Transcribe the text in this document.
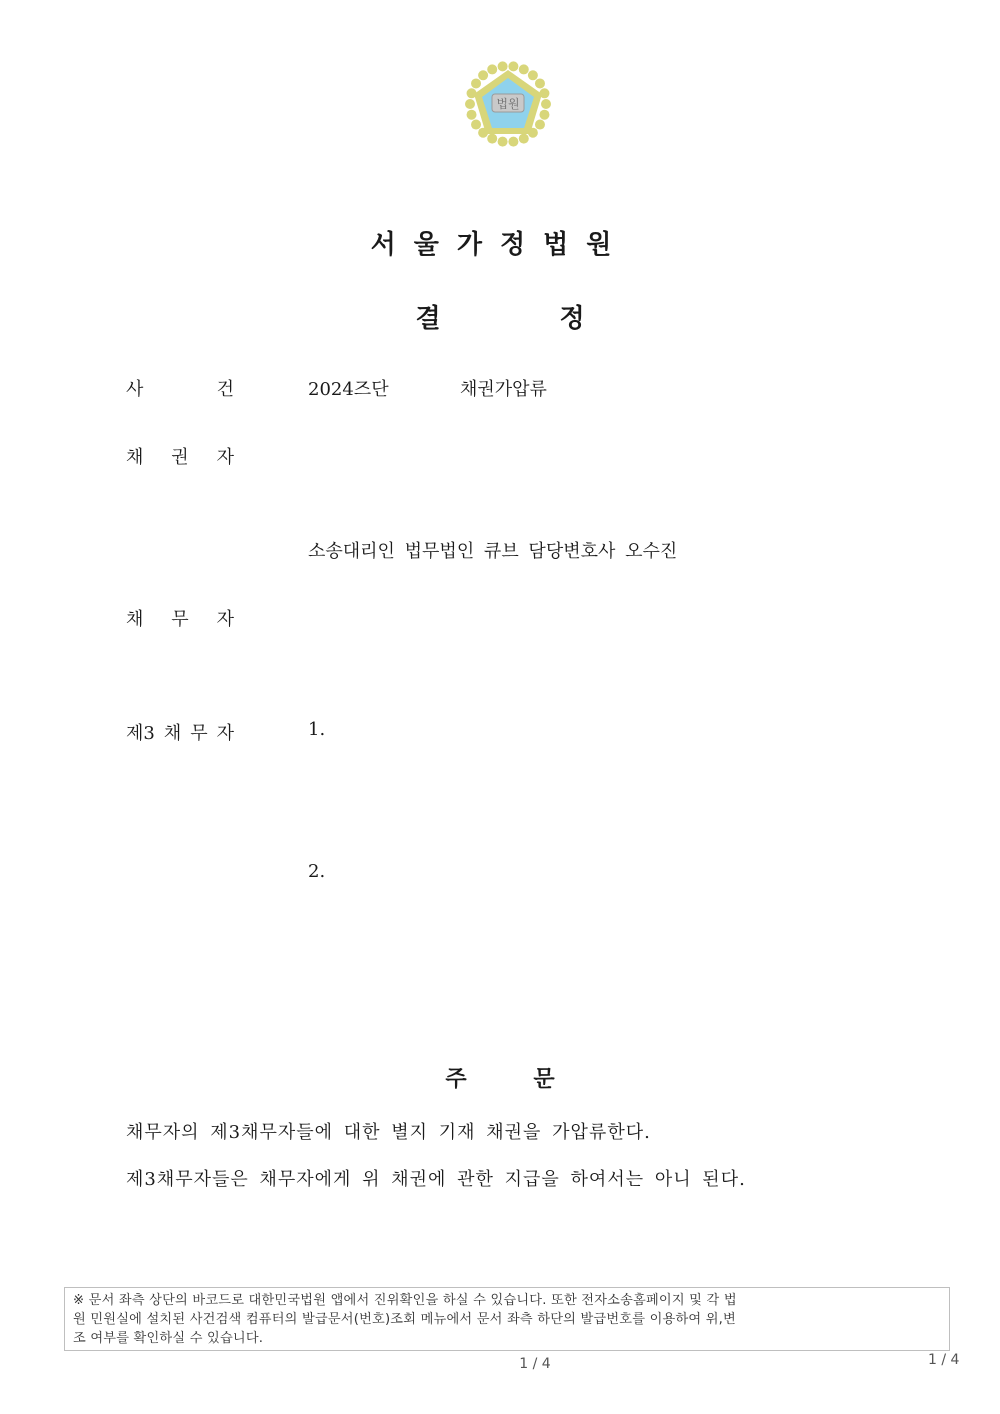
법원
서울가정법원
결	정
사	건	2024즈단	채권가압류
채 권 자
소송대리인 법무법인 큐브 담당변호사 오수진
채 무 자
제3 채 무 자	1.
2.
주	문
채무자의 제3채무자들에 대한 별지 기재 채권을 가압류한다.
제3채무자들은 채무자에게 위 채권에 관한 지급을 하여서는 아니 된다.
※ 문서 좌측 상단의 바코드로 대한민국법원 앱에서 진위확인을 하실 수 있습니다. 또한 전자소송홈페이지 및 각 법
원 민원실에 설치된 사건검색 컴퓨터의 발급문서(번호)조회 메뉴에서 문서 좌측 하단의 발급번호를 이용하여 위,변
조 여부를 확인하실 수 있습니다.
1 / 4	1 / 4
